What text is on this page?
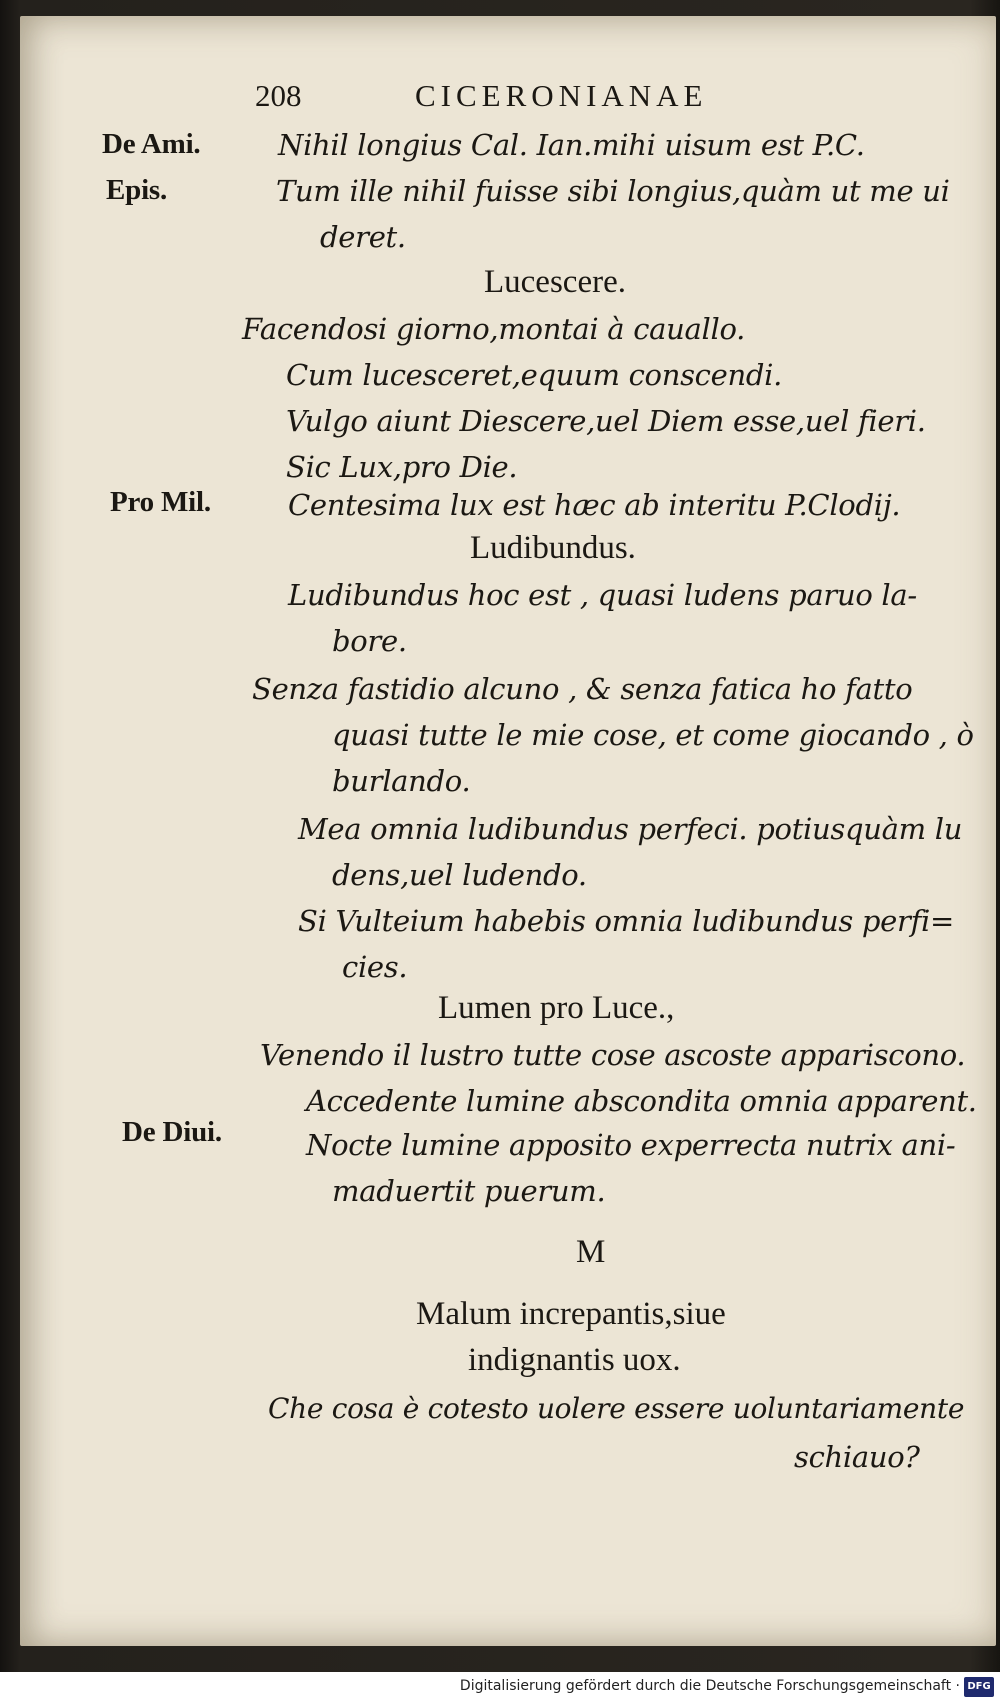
208	CICERONIANAE

De Ami.

Epis.

Pro Mil.

De Diui.

Nihil longius Cal. Ian.mihi uisum est P.C.

Tum ille nihil fuisse sibi longius,quàm ut me ui

deret.

Lucescere.

Facendosi giorno,montai à cauallo.

Cum lucesceret,equum conscendi.

Vulgo aiunt Diescere,uel Diem esse,uel fieri.

Sic Lux,pro Die.

Centesima lux est hæc ab interitu P.Clodij.

Ludibundus.

Ludibundus hoc est , quasi ludens paruo la-

bore.

Senza fastidio alcuno , & senza fatica ho fatto

quasi tutte le mie cose, et come giocando , ò

burlando.

Mea omnia ludibundus perfeci. potiusquàm lu

dens,uel ludendo.

Si Vulteium habebis omnia ludibundus perfi=

cies.

Lumen pro Luce.,

Venendo il lustro tutte cose ascoste appariscono.

Accedente lumine abscondita omnia apparent.

Nocte lumine apposito experrecta nutrix ani-

maduertit puerum.

M

Malum increpantis,siue

indignantis uox.

Che cosa è cotesto uolere essere uoluntariamente

schiauo?

Digitalisierung gefördert durch die Deutsche Forschungsgemeinschaft · DFG
